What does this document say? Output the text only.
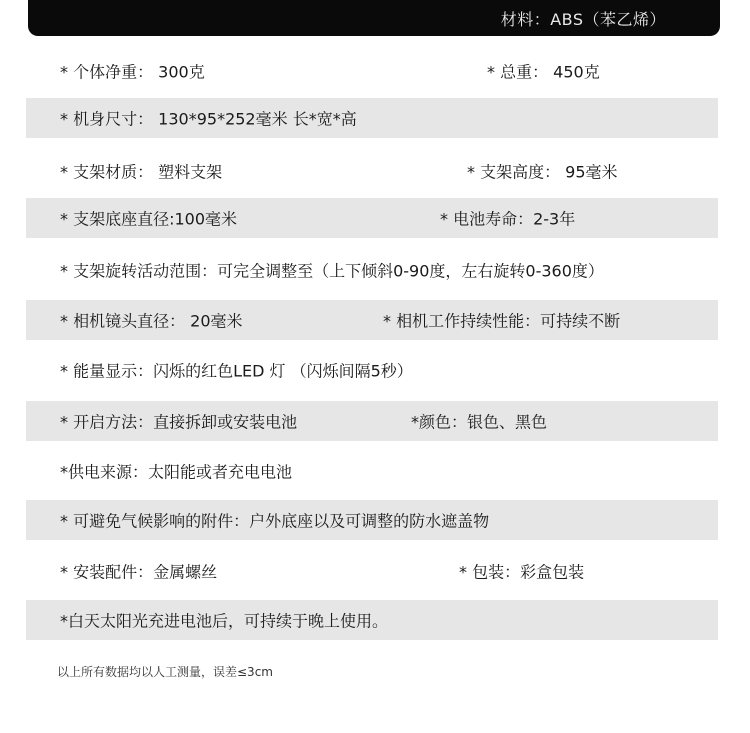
材料：ABS（苯乙烯）
* 个体净重： 300克	* 总重： 450克
* 机身尺寸： 130*95*252毫米 长*宽*高
* 支架材质： 塑料支架	* 支架高度： 95毫米
* 支架底座直径:100毫米	* 电池寿命：2-3年
* 支架旋转活动范围：可完全调整至（上下倾斜0-90度，左右旋转0-360度）
* 相机镜头直径： 20毫米	* 相机工作持续性能：可持续不断
* 能量显示：闪烁的红色LED 灯 （闪烁间隔5秒）
* 开启方法：直接拆卸或安装电池	*颜色：银色、黑色
*供电来源：太阳能或者充电电池
* 可避免气候影响的附件：户外底座以及可调整的防水遮盖物
* 安装配件：金属螺丝	* 包装：彩盒包装
*白天太阳光充进电池后，可持续于晚上使用。
以上所有数据均以人工测量，误差≤3cm
